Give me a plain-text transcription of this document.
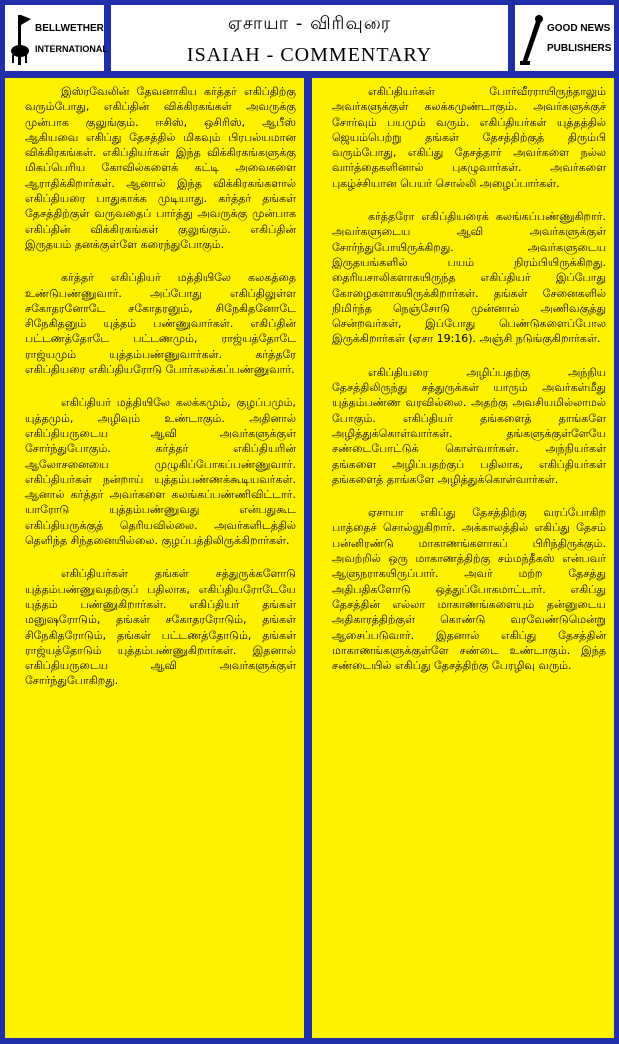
BELLWETHER
INTERNATIONAL
ஏசாயா - விரிவுரை
ISAIAH - COMMENTARY
GOOD NEWS
PUBLISHERS

இஸ்ரவேலின் தேவனாகிய கர்த்தர் எகிப்திற்கு வரும்போது, எகிப்தின் விக்கிரகங்கள் அவருக்கு முன்பாக குலுங்கும். ஈசிஸ், ஒசிரிஸ், ஆபீஸ் ஆகியவை எகிப்து தேசத்தில் மிகவும் பிரபல்யமான விக்கிரகங்கள். எகிப்தியர்கள் இந்த விக்கிரகங்களுக்கு மிகப்பெரிய கோவில்களைக் கட்டி அவைகளை ஆராதிக்கிறார்கள். ஆனால் இந்த விக்கிரகங்களால் எகிப்தியரை பாதுகாக்க முடியாது. கர்த்தர் தங்கள் தேசத்திற்குள் வருவதைப் பார்த்து அவருக்கு முன்பாக எகிப்தின் விக்கிரகங்கள் குலுங்கும். எகிப்தின் இருதயம் தனக்குள்ளே கரைந்துபோகும்.

கர்த்தர் எகிப்தியர் மத்தியிலே கலகத்தை உண்டுபண்ணுவார். அப்போது எகிப்திலுள்ள சகோதரனோடே சகோதரனும், சிநேகிதனோடே சிநேகிதனும் யுத்தம் பண்ணுவார்கள். எகிப்தின் பட்டணத்தோடே பட்டணமும், ராஜ்யத்தோடே ராஜ்யமும் யுத்தம்பண்ணுவார்கள். கர்த்தரே எகிப்தியரை எகிப்தியரோடு போர்கலக்கப்பண்ணுவார்.

எகிப்தியர் மத்தியிலே கலக்கமும், குழப்பமும், யுத்தமும், அழிவும் உண்டாகும். அதினால் எகிப்தியருடைய ஆவி அவர்களுக்குள் சோர்ந்துபோகும். கர்த்தர் எகிப்தியரின் ஆலோசனையை முழுகிப்போகப்பண்ணுவார். எகிப்தியர்கள் நன்றாய் யுத்தம்பண்ணக்கூடியவர்கள். ஆனால் கர்த்தர் அவர்களை கலங்கப்பண்ணிவிட்டார். யாரோடு யுத்தம்பண்ணுவது என்பதுகூட எகிப்தியருக்குத் தெரியவில்லை. அவர்களிடத்தில் தெளிந்த சிந்தனையில்லை. குழப்பத்திலிருக்கிறார்கள்.

எகிப்தியர்கள் தங்கள் சத்துருக்களோடு யுத்தம்பண்ணுவதற்குப் பதிலாக, எகிப்தியரோடேயே யுத்தம் பண்ணுகிறார்கள். எகிப்தியர் தங்கள் மனுஷரோடும், தங்கள் சகோதரரோடும், தங்கள் சிநேகிதரோடும், தங்கள் பட்டணத்தோடும், தங்கள் ராஜ்யத்தோடும் யுத்தம்பண்ணுகிறார்கள். இதனால் எகிப்தியருடைய ஆவி அவர்களுக்குள் சோர்ந்துபோகிறது.

எகிப்தியர்கள் போர்வீரராயிருந்தாலும் அவர்களுக்குள் கலக்கமுண்டாகும். அவர்களுக்குச் சோர்வும் பயமும் வரும். எகிப்தியர்கள் யுத்தத்தில் ஜெயம்பெற்று தங்கள் தேசத்திற்குத் திரும்பி வரும்போது, எகிப்து தேசத்தார் அவர்களை நல்ல வார்த்தைகளினால் புகழுவார்கள். அவர்களை புகழ்ச்சியான பெயர் சொல்லி அழைப்பார்கள்.

கர்த்தரோ எகிப்தியரைக் கலங்கப்பண்ணுகிறார். அவர்களுடைய ஆவி அவர்களுக்குள் சோர்ந்துபோயிருக்கிறது. அவர்களுடைய இருதயங்களில் பயம் நிரம்பியிருக்கிறது. தைரியசாலிகளாகயிருந்த எகிப்தியர் இப்போது கோழைகளாகயிருக்கிறார்கள். தங்கள் சேனைகளில் நிமிர்ந்த நெஞ்சோடு முன்னால் அணிவகுத்து சென்றவர்கள், இப்போது பெண்டுகளைப்போல இருக்கிறார்கள் (ஏசா 19:16). அஞ்சி நடுங்குகிறார்கள்.

எகிப்தியரை அழிப்பதற்கு அந்நிய தேசத்திலிருந்து சத்துருக்கள் யாரும் அவர்கள்மீது யுத்தம்பண்ண வரவில்லை. அதற்கு அவசியமில்லாமல் போகும். எகிப்தியர் தங்களைத் தாங்களே அழித்துக்கொள்வார்கள். தங்களுக்குள்ளேயே சண்டைபோட்டுக் கொள்வார்கள். அந்நியர்கள் தங்களை அழிப்பதற்குப் பதிலாக, எகிப்தியர்கள் தங்களைத் தாங்களே அழித்துக்கொள்வார்கள்.

ஏசாயா எகிப்து தேசத்திற்கு வரப்போகிற பாத்தைச் சொல்லுகிறார். அக்காலத்தில் எகிப்து தேசம் பன்னிரண்டு மாகாணங்களாகப் பிரிந்திருக்கும். அவற்றில் ஒரு மாகாணத்திற்கு சம்மந்தீகஸ் என்பவர் ஆளுநராகயிருப்பார். அவர் மற்ற தேசத்து அதிபதிகளோடு ஒத்துப்போகமாட்டார். எகிப்து தேசத்தின் எல்லா மாகாணங்களையும் தன்னுடைய அதிகாரத்திற்குள் கொண்டு வரவேண்டுமென்று ஆசைப்படுவார். இதனால் எகிப்து தேசத்தின் மாகாணங்களுக்குள்ளே சண்டை உண்டாகும். இந்த சண்டையில் எகிப்து தேசத்திற்கு பேரழிவு வரும்.
